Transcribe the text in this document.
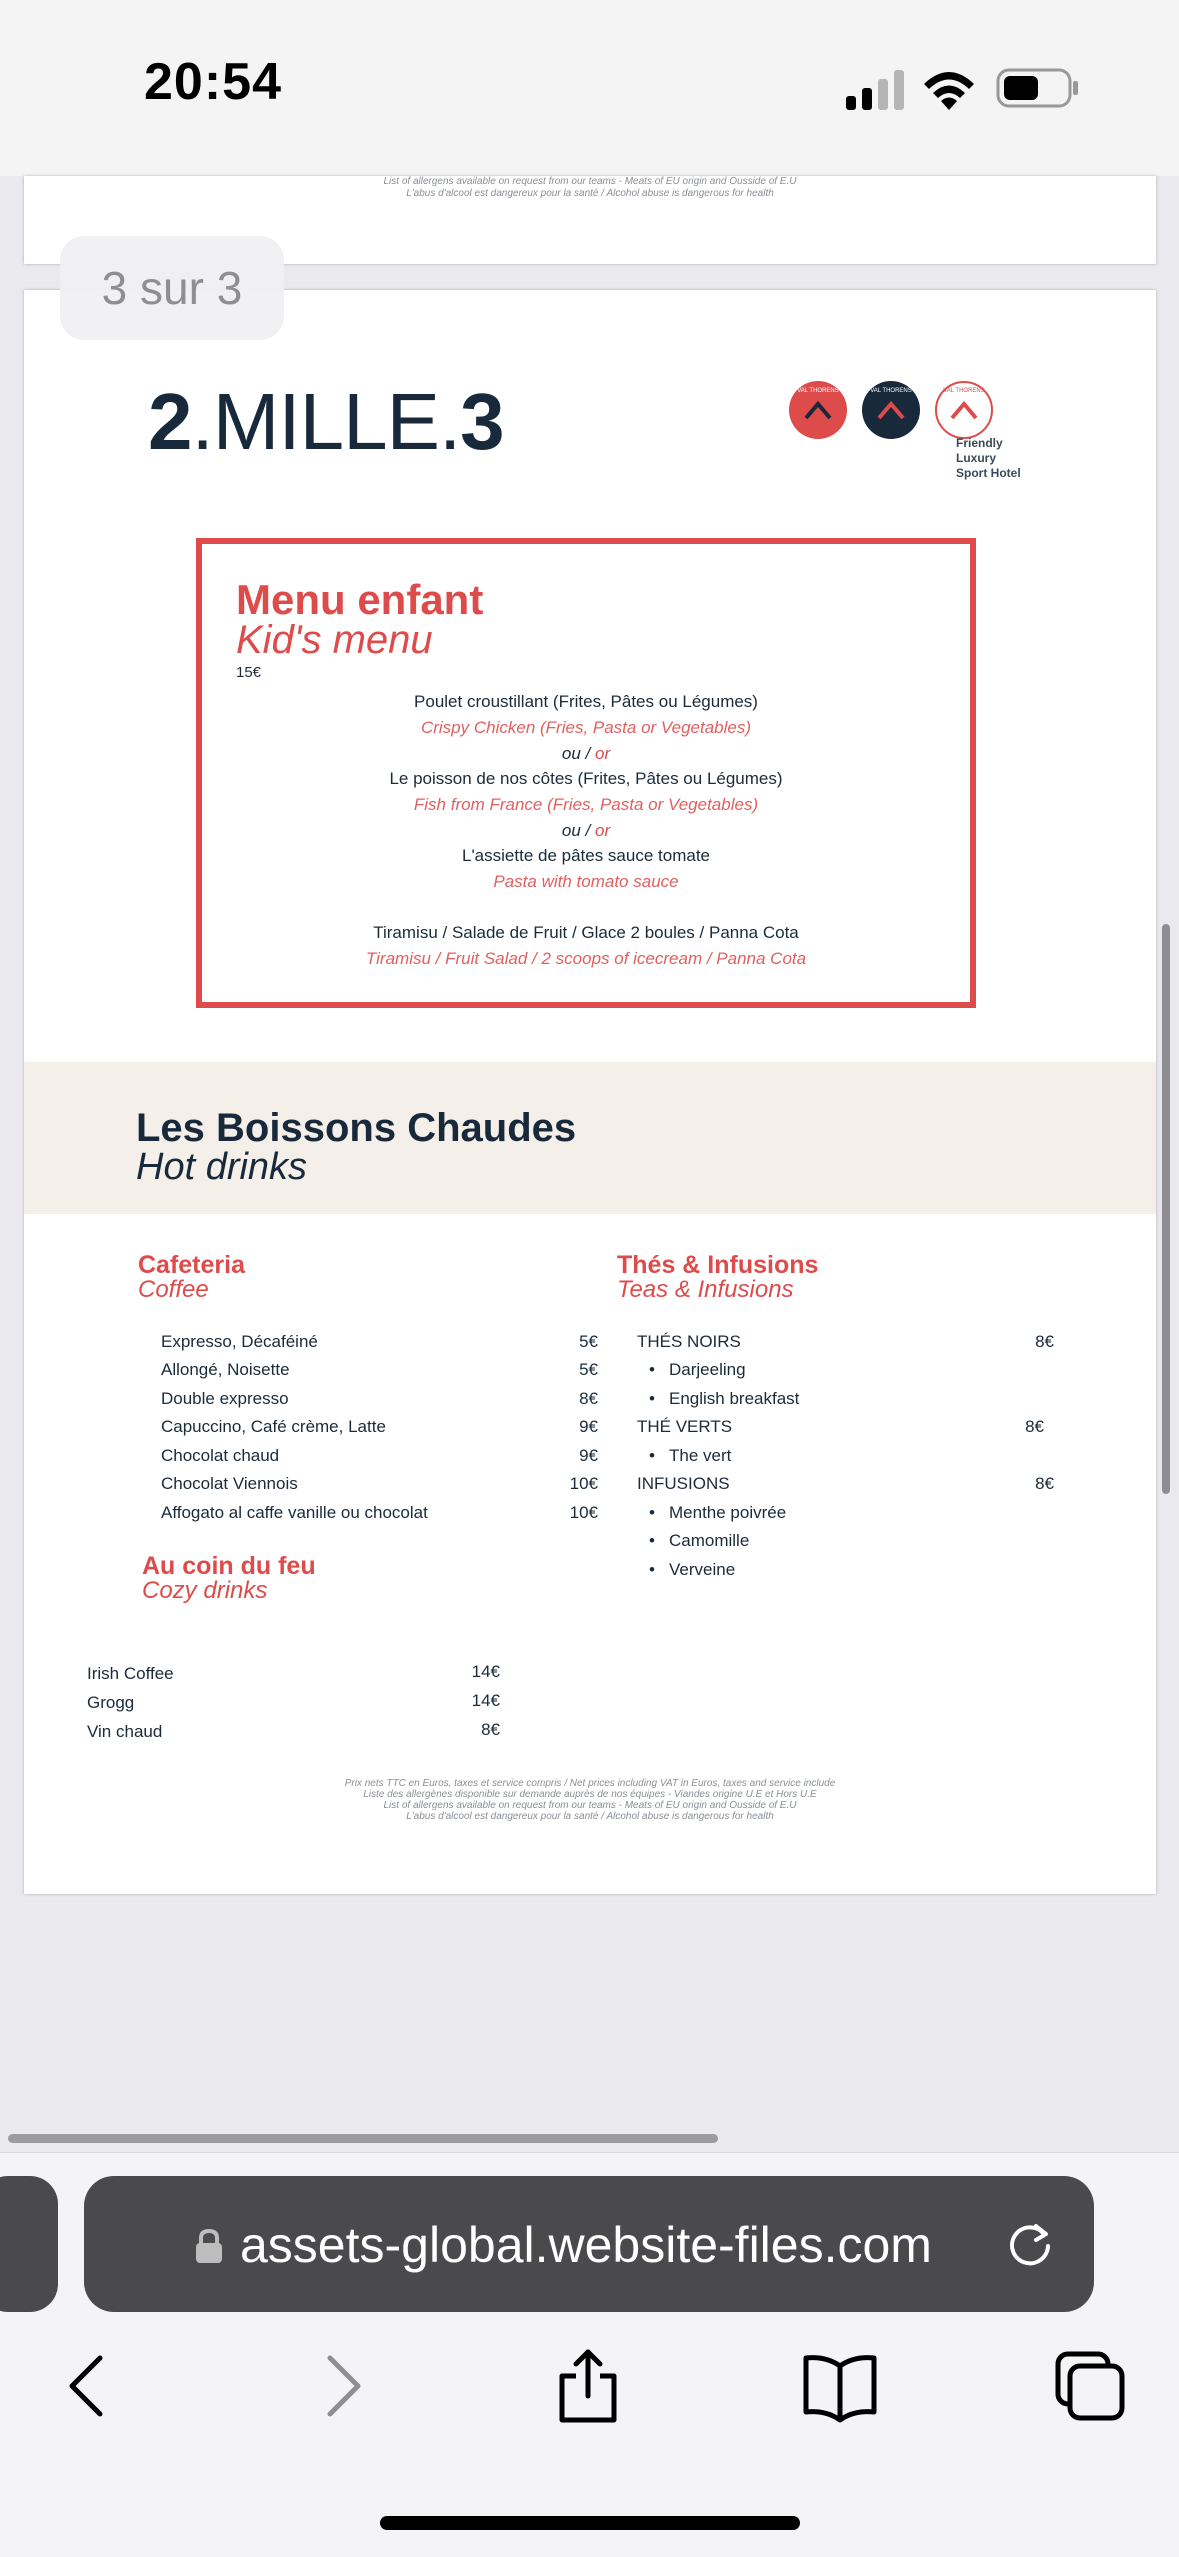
20:54
List of allergens available on request from our teams - Meats of EU origin and Ousside of E.U
L'abus d'alcool est dangereux pour la santé / Alcohol abuse is dangerous for health
2.MILLE.3	VAL THORENS	VAL THORENS	VAL THORENS
Friendly
Luxury
Sport Hotel
Menu enfant
Kid's menu
15€
Poulet croustillant (Frites, Pâtes ou Légumes)
Crispy Chicken (Fries, Pasta or Vegetables)
ou / or
Le poisson de nos côtes (Frites, Pâtes ou Légumes)
Fish from France (Fries, Pasta or Vegetables)
ou / or
L'assiette de pâtes sauce tomate
Pasta with tomato sauce
Tiramisu / Salade de Fruit / Glace 2 boules / Panna Cota
Tiramisu / Fruit Salad / 2 scoops of icecream / Panna Cota
Les Boissons Chaudes
Hot drinks
Cafeteria
Coffee
Expresso, Décaféiné	5€
Allongé, Noisette	5€
Double expresso	8€
Capuccino, Café crème, Latte	9€
Chocolat chaud	9€
Chocolat Viennois	10€
Affogato al caffe vanille ou chocolat	10€
Au coin du feu
Cozy drinks
Irish Coffee	14€
Grogg	14€
Vin chaud	8€
Thés & Infusions
Teas & Infusions
THÉS NOIRS	8€
• Darjeeling
• English breakfast
THÉ VERTS	8€
• The vert
INFUSIONS	8€
• Menthe poivrée
• Camomille
• Verveine
Prix nets TTC en Euros, taxes et service compris / Net prices including VAT in Euros, taxes and service include
Liste des allergènes disponible sur demande auprès de nos équipes - Viandes origine U.E et Hors U.E
List of allergens available on request from our teams - Meats of EU origin and Ousside of E.U
L'abus d'alcool est dangereux pour la santé / Alcohol abuse is dangerous for health
3 sur 3
assets-global.website-files.com
